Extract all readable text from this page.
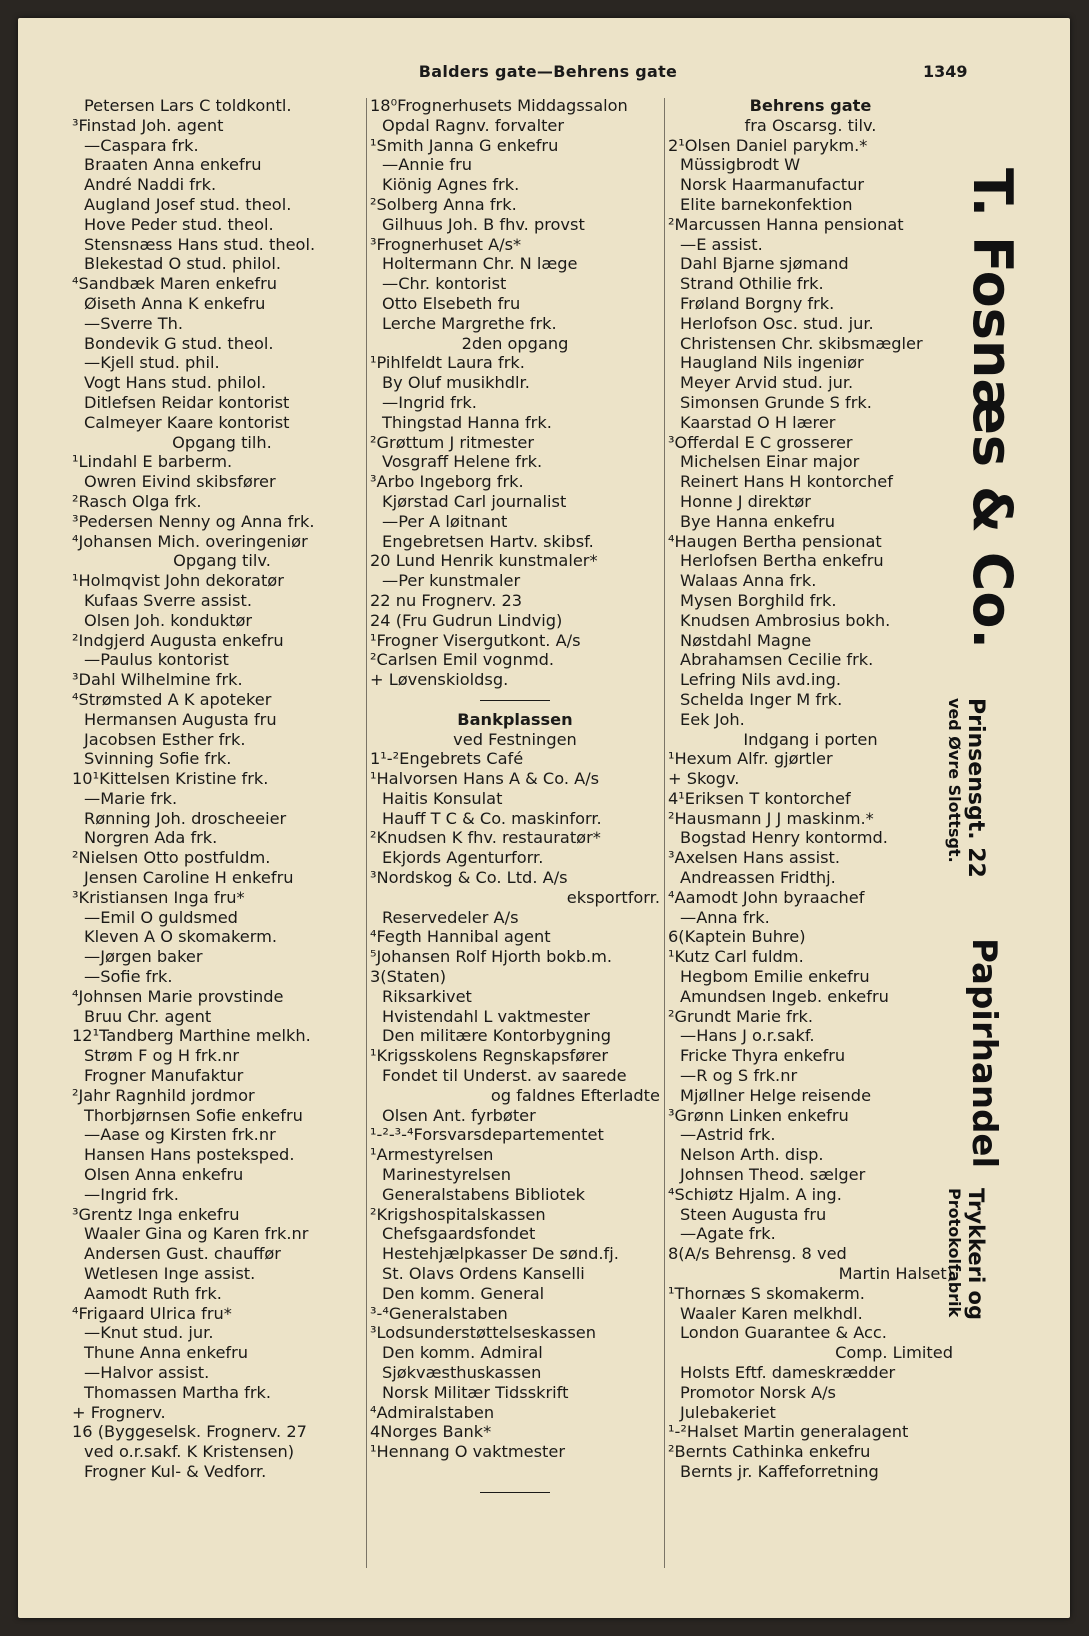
Balders gate—Behrens gate	1349
Petersen Lars C toldkontl.
³Finstad Joh. agent
—Caspara frk.
Braaten Anna enkefru
André Naddi frk.
Augland Josef stud. theol.
Hove Peder stud. theol.
Stensnæss Hans stud. theol.
Blekestad O stud. philol.
⁴Sandbæk Maren enkefru
Øiseth Anna K enkefru
—Sverre Th.
Bondevik G stud. theol.
—Kjell stud. phil.
Vogt Hans stud. philol.
Ditlefsen Reidar kontorist
Calmeyer Kaare kontorist
Opgang tilh.
¹Lindahl E barberm.
Owren Eivind skibsfører
²Rasch Olga frk.
³Pedersen Nenny og Anna frk.
⁴Johansen Mich. overingeniør
Opgang tilv.
¹Holmqvist John dekoratør
Kufaas Sverre assist.
Olsen Joh. konduktør
²Indgjerd Augusta enkefru
—Paulus kontorist
³Dahl Wilhelmine frk.
⁴Strømsted A K apoteker
Hermansen Augusta fru
Jacobsen Esther frk.
Svinning Sofie frk.
10¹Kittelsen Kristine frk.
—Marie frk.
Rønning Joh. droscheeier
Norgren Ada frk.
²Nielsen Otto postfuldm.
Jensen Caroline H enkefru
³Kristiansen Inga fru*
—Emil O guldsmed
Kleven A O skomakerm.
—Jørgen baker
—Sofie frk.
⁴Johnsen Marie provstinde
Bruu Chr. agent
12¹Tandberg Marthine melkh.
Strøm F og H frk.nr
Frogner Manufaktur
²Jahr Ragnhild jordmor
Thorbjørnsen Sofie enkefru
—Aase og Kirsten frk.nr
Hansen Hans posteksped.
Olsen Anna enkefru
—Ingrid frk.
³Grentz Inga enkefru
Waaler Gina og Karen frk.nr
Andersen Gust. chauffør
Wetlesen Inge assist.
Aamodt Ruth frk.
⁴Frigaard Ulrica fru*
—Knut stud. jur.
Thune Anna enkefru
—Halvor assist.
Thomassen Martha frk.
+ Frognerv.
16 (Byggeselsk. Frognerv. 27
ved o.r.sakf. K Kristensen)
Frogner Kul- & Vedforr.
18⁰Frognerhusets Middagssalon
Opdal Ragnv. forvalter
¹Smith Janna G enkefru
—Annie fru
Kiönig Agnes frk.
²Solberg Anna frk.
Gilhuus Joh. B fhv. provst
³Frognerhuset A/s*
Holtermann Chr. N læge
—Chr. kontorist
Otto Elsebeth fru
Lerche Margrethe frk.
2den opgang
¹Pihlfeldt Laura frk.
By Oluf musikhdlr.
—Ingrid frk.
Thingstad Hanna frk.
²Grøttum J ritmester
Vosgraff Helene frk.
³Arbo Ingeborg frk.
Kjørstad Carl journalist
—Per A løitnant
Engebretsen Hartv. skibsf.
20 Lund Henrik kunstmaler*
—Per kunstmaler
22 nu Frognerv. 23
24 (Fru Gudrun Lindvig)
¹Frogner Visergutkont. A/s
²Carlsen Emil vognmd.
+ Løvenskioldsg.
Bankplassen
ved Festningen
1¹-²Engebrets Café
¹Halvorsen Hans A & Co. A/s
Haitis Konsulat
Hauff T C & Co. maskinforr.
²Knudsen K fhv. restauratør*
Ekjords Agenturforr.
³Nordskog & Co. Ltd. A/s
eksportforr.
Reservedeler A/s
⁴Fegth Hannibal agent
⁵Johansen Rolf Hjorth bokb.m.
3(Staten)
Riksarkivet
Hvistendahl L vaktmester
Den militære Kontorbygning
¹Krigsskolens Regnskapsfører
Fondet til Underst. av saarede
og faldnes Efterladte
Olsen Ant. fyrbøter
¹-²-³-⁴Forsvarsdepartementet
¹Armestyrelsen
Marinestyrelsen
Generalstabens Bibliotek
²Krigshospitalskassen
Chefsgaardsfondet
Hestehjælpkasser De sønd.fj.
St. Olavs Ordens Kanselli
Den komm. General
³-⁴Generalstaben
³Lodsunderstøttelseskassen
Den komm. Admiral
Sjøkvæsthuskassen
Norsk Militær Tidsskrift
⁴Admiralstaben
4Norges Bank*
¹Hennang O vaktmester
Behrens gate
fra Oscarsg. tilv.
2¹Olsen Daniel parykm.*
Müssigbrodt W
Norsk Haarmanufactur
Elite barnekonfektion
²Marcussen Hanna pensionat
—E assist.
Dahl Bjarne sjømand
Strand Othilie frk.
Frøland Borgny frk.
Herlofson Osc. stud. jur.
Christensen Chr. skibsmægler
Haugland Nils ingeniør
Meyer Arvid stud. jur.
Simonsen Grunde S frk.
Kaarstad O H lærer
³Offerdal E C grosserer
Michelsen Einar major
Reinert Hans H kontorchef
Honne J direktør
Bye Hanna enkefru
⁴Haugen Bertha pensionat
Herlofsen Bertha enkefru
Walaas Anna frk.
Mysen Borghild frk.
Knudsen Ambrosius bokh.
Nøstdahl Magne
Abrahamsen Cecilie frk.
Lefring Nils avd.ing.
Schelda Inger M frk.
Eek Joh.
Indgang i porten
¹Hexum Alfr. gjørtler
+ Skogv.
4¹Eriksen T kontorchef
²Hausmann J J maskinm.*
Bogstad Henry kontormd.
³Axelsen Hans assist.
Andreassen Fridthj.
⁴Aamodt John byraachef
—Anna frk.
6(Kaptein Buhre)
¹Kutz Carl fuldm.
Hegbom Emilie enkefru
Amundsen Ingeb. enkefru
²Grundt Marie frk.
—Hans J o.r.sakf.
Fricke Thyra enkefru
—R og S frk.nr
Mjøllner Helge reisende
³Grønn Linken enkefru
—Astrid frk.
Nelson Arth. disp.
Johnsen Theod. sælger
⁴Schiøtz Hjalm. A ing.
Steen Augusta fru
—Agate frk.
8(A/s Behrensg. 8 ved
Martin Halset)
¹Thornæs S skomakerm.
Waaler Karen melkhdl.
London Guarantee & Acc.
Comp. Limited
Holsts Eftf. dameskrædder
Promotor Norsk A/s
Julebakeriet
¹-²Halset Martin generalagent
²Bernts Cathinka enkefru
Bernts jr. Kaffeforretning
T. Fosnæs & Co.
Prinsensgt. 22
ved Øvre Slottsgt.
Papirhandel
Trykkeri og
Protokolfabrik
